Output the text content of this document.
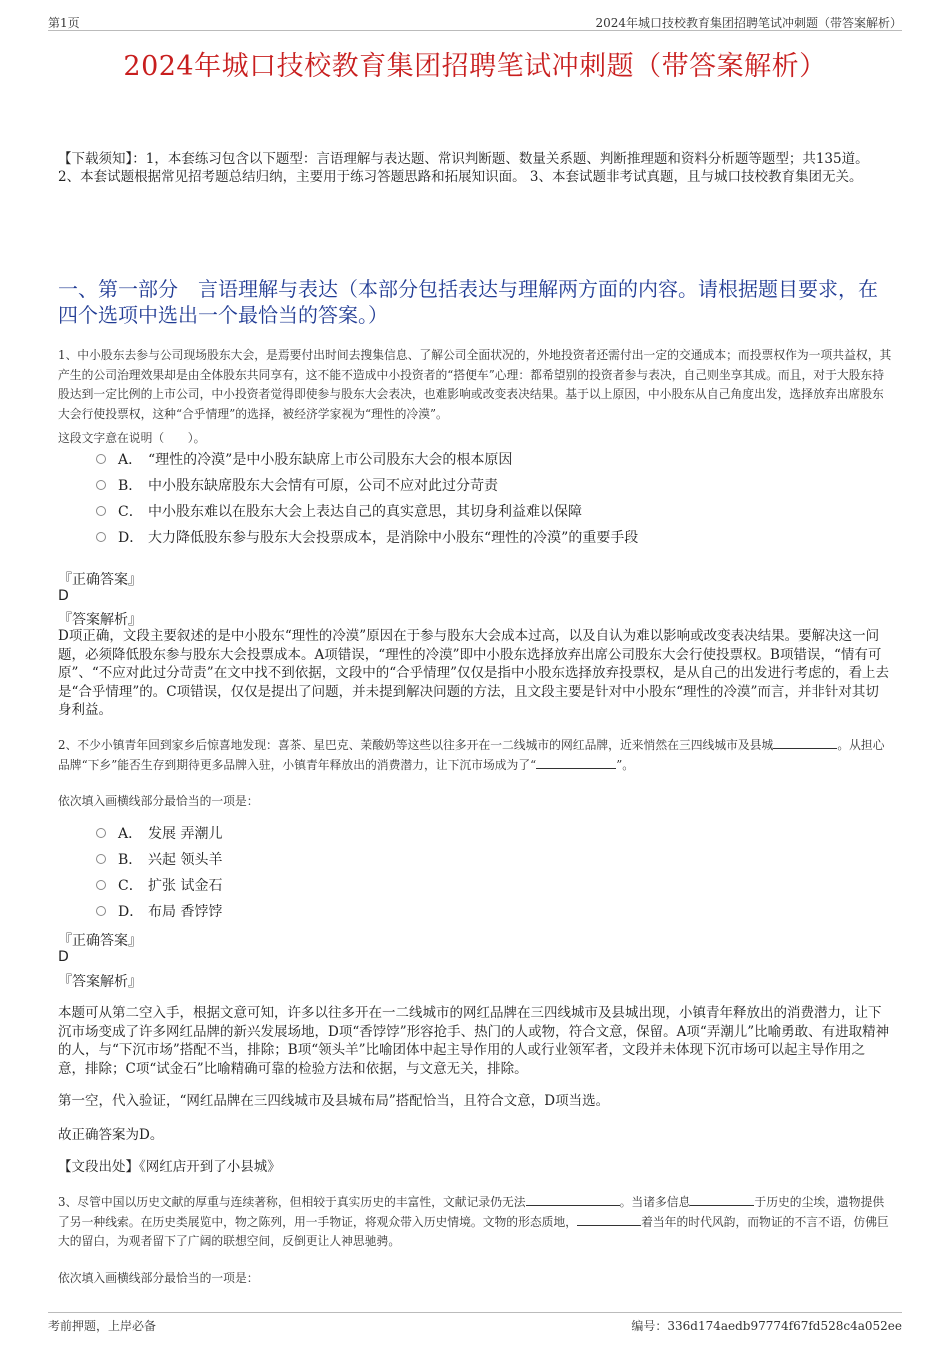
第1页	2024年城口技校教育集团招聘笔试冲刺题（带答案解析）
2024年城口技校教育集团招聘笔试冲刺题（带答案解析）
【下载须知】：1，本套练习包含以下题型：言语理解与表达题、常识判断题、数量关系题、判断推理题和资料分析题等题型；共135道。 2、本套试题根据常见招考题总结归纳，主要用于练习答题思路和拓展知识面。 3、本套试题非考试真题，且与城口技校教育集团无关。
一、第一部分　言语理解与表达（本部分包括表达与理解两方面的内容。请根据题目要求，在四个选项中选出一个最恰当的答案。）
1、中小股东去参与公司现场股东大会，是焉要付出时间去搜集信息、了解公司全面状况的，外地投资者还需付出一定的交通成本；而投票权作为一项共益权，其产生的公司治理效果却是由全体股东共同享有，这不能不造成中小投资者的“搭便车”心理：都希望别的投资者参与表决，自己则坐享其成。而且，对于大股东持股达到一定比例的上市公司，中小投资者觉得即使参与股东大会表决，也难影响或改变表决结果。基于以上原因，中小股东从自己角度出发，选择放弃出席股东大会行使投票权，这种“合乎情理”的选择，被经济学家视为“理性的冷漠”。
这段文字意在说明（　　）。
A． “理性的冷漠”是中小股东缺席上市公司股东大会的根本原因
B． 中小股东缺席股东大会情有可原，公司不应对此过分苛责
C． 中小股东难以在股东大会上表达自己的真实意思，其切身利益难以保障
D． 大力降低股东参与股东大会投票成本，是消除中小股东“理性的冷漠”的重要手段
『正确答案』
D
『答案解析』
D项正确，文段主要叙述的是中小股东“理性的冷漠”原因在于参与股东大会成本过高，以及自认为难以影响或改变表决结果。要解决这一问题，必须降低股东参与股东大会投票成本。A项错误，“理性的冷漠”即中小股东选择放弃出席公司股东大会行使投票权。B项错误，“情有可原”、“不应对此过分苛责”在文中找不到依据，文段中的“合乎情理”仅仅是指中小股东选择放弃投票权，是从自己的出发进行考虑的，看上去是“合乎情理”的。C项错误，仅仅是提出了问题，并未提到解决问题的方法，且文段主要是针对中小股东“理性的冷漠”而言，并非针对其切身利益。
2、不少小镇青年回到家乡后惊喜地发现：喜茶、星巴克、茉酸奶等这些以往多开在一二线城市的网红品牌，近来悄然在三四线城市及县城	。从担心品牌“下乡”能否生存到期待更多品牌入驻，小镇青年释放出的消费潜力，让下沉市场成为了“	”。
依次填入画横线部分最恰当的一项是：
A． 发展 弄潮儿
B． 兴起 领头羊
C． 扩张 试金石
D． 布局 香饽饽
『正确答案』
D
『答案解析』
本题可从第二空入手，根据文意可知，许多以往多开在一二线城市的网红品牌在三四线城市及县城出现，小镇青年释放出的消费潜力，让下沉市场变成了许多网红品牌的新兴发展场地，D项“香饽饽”形容抢手、热门的人或物，符合文意，保留。A项“弄潮儿”比喻勇敢、有进取精神的人，与“下沉市场”搭配不当，排除；B项“领头羊”比喻团体中起主导作用的人或行业领军者，文段并未体现下沉市场可以起主导作用之意，排除；C项“试金石”比喻精确可靠的检验方法和依据，与文意无关，排除。
第一空，代入验证，“网红品牌在三四线城市及县城布局”搭配恰当，且符合文意，D项当选。
故正确答案为D。
【文段出处】《网红店开到了小县城》
3、尽管中国以历史文献的厚重与连续著称，但相较于真实历史的丰富性，文献记录仍无法	。当诸多信息	于历史的尘埃，遗物提供了另一种线索。在历史类展览中，物之陈列，用一手物证，将观众带入历史情境。文物的形态质地，	着当年的时代风韵，而物证的不言不语，仿佛巨大的留白，为观者留下了广阔的联想空间，反倒更让人神思驰骋。
依次填入画横线部分最恰当的一项是：
考前押题，上岸必备	编号：336d174aedb97774f67fd528c4a052ee
